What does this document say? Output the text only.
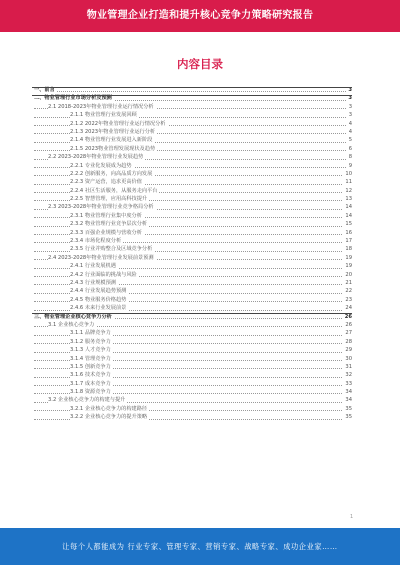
物业管理企业打造和提升核心竞争力策略研究报告
内容目录
一、前言	3
二、物业管理行业市场分析及预测	3
2.1 2018-2023年物业管理行业运行情况分析	3
2.1.1 物业管理行业发展回顾	3
2.1.2 2022年物业管理行业运行情况分析	4
2.1.3 2023年物业管理行业运行分析	4
2.1.4 物业管理行业发展进入新阶段	5
2.1.5 2023物业管理发展现状及趋势	6
2.2 2023-2028年物业管理行业发展趋势	8
2.2.1 专业化发展成为趋势	9
2.2.2 创新服务，向高品质方向发展	10
2.2.3 资产运营，追求更高价值	11
2.2.4 社区生活服务，从服务走向平台	12
2.2.5 智慧管理，应用高科技提升	13
2.3 2023-2028年物业管理行业竞争格局分析	14
2.3.1 物业管理行业集中度分析	14
2.3.2 物业管理行业竞争层次分析	15
2.3.3 百强企业规模与营收分析	16
2.3.4 市场化程度分析	17
2.3.5 行业并购整合及区域竞争分析	18
2.4 2023-2028年物业管理行业发展前景预测	19
2.4.1 行业发展机遇	19
2.4.2 行业面临的挑战与风险	20
2.4.3 行业规模预测	21
2.4.4 行业发展趋势预测	22
2.4.5 物业服务价格趋势	23
2.4.6 未来行业发展前景	24
三、物业管理企业核心竞争力分析	26
3.1 企业核心竞争力	26
3.1.1 品牌竞争力	27
3.1.2 服务竞争力	28
3.1.3 人才竞争力	29
3.1.4 管理竞争力	30
3.1.5 创新竞争力	31
3.1.6 技术竞争力	32
3.1.7 成本竞争力	33
3.1.8 资源竞争力	34
3.2 企业核心竞争力的构建与提升	34
3.2.1 企业核心竞争力的构建路径	35
3.2.2 企业核心竞争力的提升策略	35
1
让每个人都能成为 行业专家、管理专家、营销专家、战略专家、成功企业家……
